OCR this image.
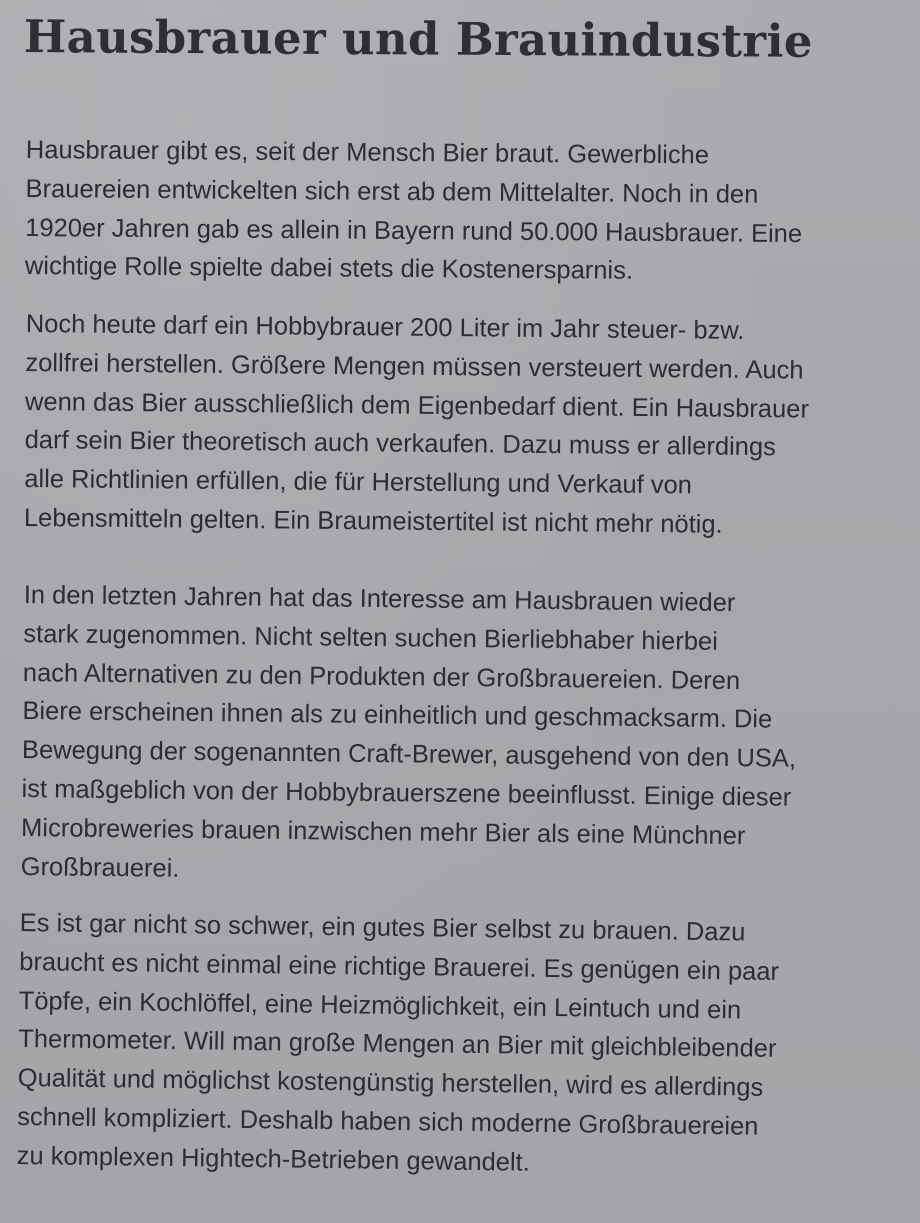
Hausbrauer und Brauindustrie
Hausbrauer gibt es, seit der Mensch Bier braut. Gewerbliche
Brauereien entwickelten sich erst ab dem Mittelalter. Noch in den
1920er Jahren gab es allein in Bayern rund 50.000 Hausbrauer. Eine
wichtige Rolle spielte dabei stets die Kostenersparnis.
Noch heute darf ein Hobbybrauer 200 Liter im Jahr steuer- bzw.
zollfrei herstellen. Größere Mengen müssen versteuert werden. Auch
wenn das Bier ausschließlich dem Eigenbedarf dient. Ein Hausbrauer
darf sein Bier theoretisch auch verkaufen. Dazu muss er allerdings
alle Richtlinien erfüllen, die für Herstellung und Verkauf von
Lebensmitteln gelten. Ein Braumeistertitel ist nicht mehr nötig.
In den letzten Jahren hat das Interesse am Hausbrauen wieder
stark zugenommen. Nicht selten suchen Bierliebhaber hierbei
nach Alternativen zu den Produkten der Großbrauereien. Deren
Biere erscheinen ihnen als zu einheitlich und geschmacksarm. Die
Bewegung der sogenannten Craft-Brewer, ausgehend von den USA,
ist maßgeblich von der Hobbybrauerszene beeinflusst. Einige dieser
Microbreweries brauen inzwischen mehr Bier als eine Münchner
Großbrauerei.
Es ist gar nicht so schwer, ein gutes Bier selbst zu brauen. Dazu
braucht es nicht einmal eine richtige Brauerei. Es genügen ein paar
Töpfe, ein Kochlöffel, eine Heizmöglichkeit, ein Leintuch und ein
Thermometer. Will man große Mengen an Bier mit gleichbleibender
Qualität und möglichst kostengünstig herstellen, wird es allerdings
schnell kompliziert. Deshalb haben sich moderne Großbrauereien
zu komplexen Hightech-Betrieben gewandelt.
